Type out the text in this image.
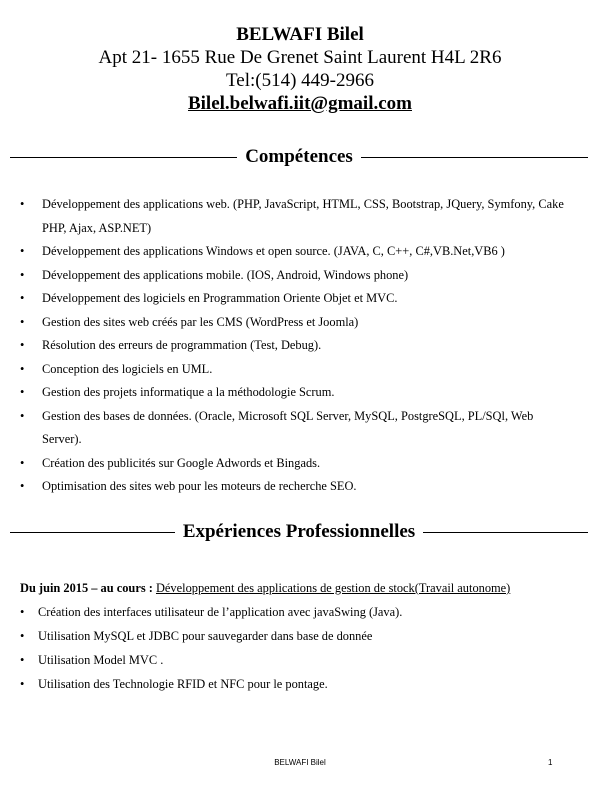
BELWAFI Bilel
Apt 21- 1655 Rue De Grenet Saint Laurent H4L 2R6
Tel:(514) 449-2966
Bilel.belwafi.iit@gmail.com
Compétences
• Développement des applications web. (PHP, JavaScript, HTML, CSS, Bootstrap, JQuery, Symfony, Cake PHP, Ajax, ASP.NET)
• Développement des applications Windows et open source. (JAVA, C, C++, C#,VB.Net,VB6 )
• Développement des applications mobile. (IOS, Android, Windows phone)
• Développement des logiciels en Programmation Oriente Objet et MVC.
• Gestion des sites web créés par les CMS (WordPress et Joomla)
• Résolution des erreurs de programmation (Test, Debug).
• Conception des logiciels en UML.
• Gestion des projets informatique a la méthodologie Scrum.
• Gestion des bases de données. (Oracle, Microsoft SQL Server, MySQL, PostgreSQL, PL/SQl, Web Server).
• Création des publicités sur Google Adwords et Bingads.
• Optimisation des sites web pour les moteurs de recherche SEO.
Expériences Professionnelles
Du juin 2015 – au cours : Développement des applications de gestion de stock(Travail autonome)
• Création des interfaces utilisateur de l’application avec javaSwing (Java).
• Utilisation MySQL et JDBC pour sauvegarder dans base de donnée
• Utilisation Model MVC .
• Utilisation des Technologie RFID et NFC pour le pontage.
BELWAFI Bilel	1
